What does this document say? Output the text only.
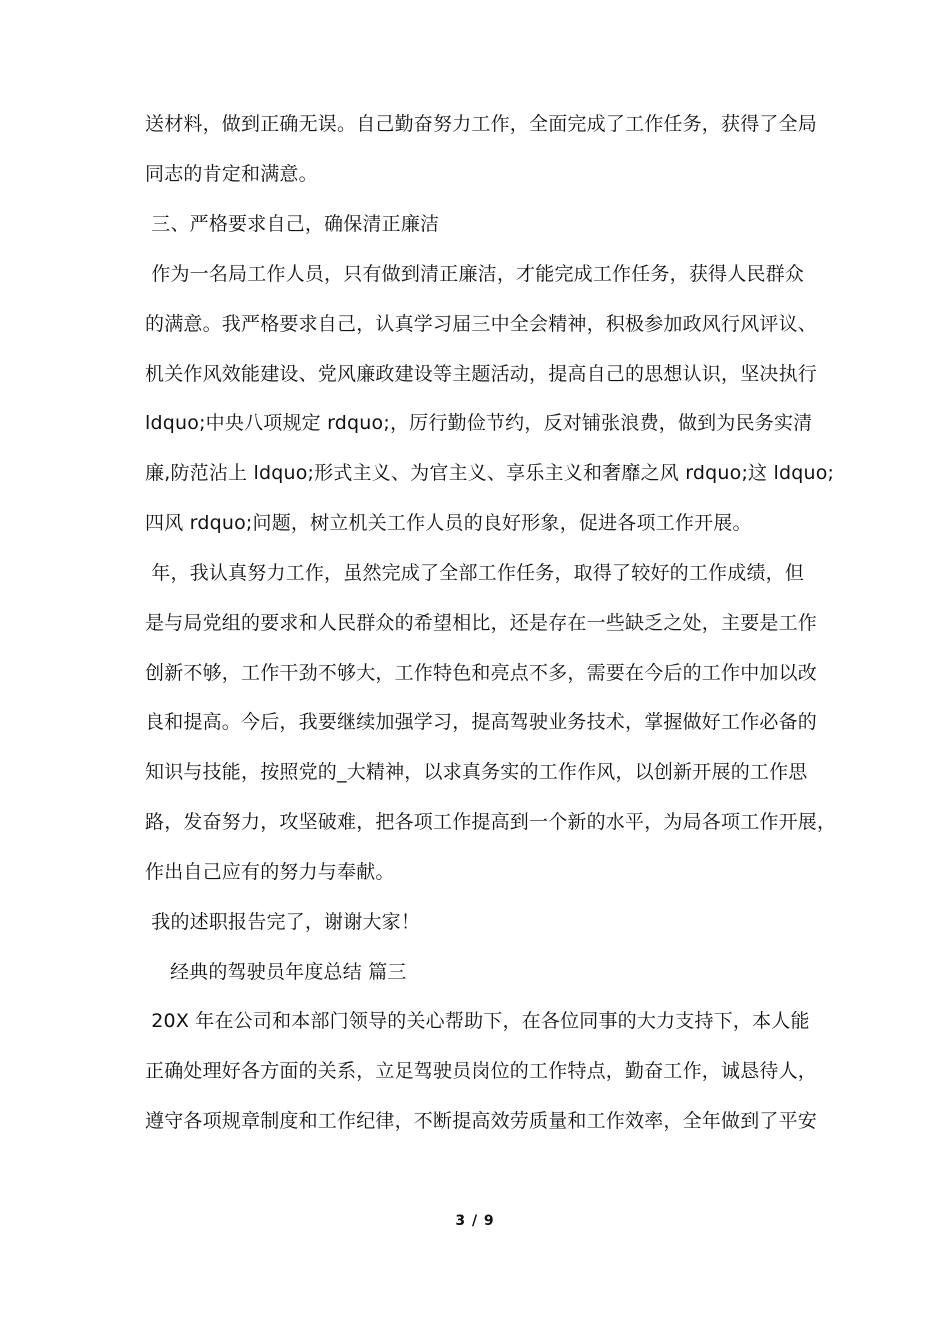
送材料，做到正确无误。自己勤奋努力工作，全面完成了工作任务，获得了全局
同志的肯定和满意。
三、严格要求自己，确保清正廉洁
作为一名局工作人员，只有做到清正廉洁，才能完成工作任务，获得人民群众
的满意。我严格要求自己，认真学习届三中全会精神，积极参加政风行风评议、
机关作风效能建设、党风廉政建设等主题活动，提高自己的思想认识，坚决执行
ldquo;中央八项规定 rdquo;，厉行勤俭节约，反对铺张浪费，做到为民务实清
廉,防范沾上 ldquo;形式主义、为官主义、享乐主义和奢靡之风 rdquo;这 ldquo;
四风 rdquo;问题，树立机关工作人员的良好形象，促进各项工作开展。
年，我认真努力工作，虽然完成了全部工作任务，取得了较好的工作成绩，但
是与局党组的要求和人民群众的希望相比，还是存在一些缺乏之处，主要是工作
创新不够，工作干劲不够大，工作特色和亮点不多，需要在今后的工作中加以改
良和提高。今后，我要继续加强学习，提高驾驶业务技术，掌握做好工作必备的
知识与技能，按照党的_大精神，以求真务实的工作作风，以创新开展的工作思
路，发奋努力，攻坚破难，把各项工作提高到一个新的水平，为局各项工作开展，
作出自己应有的努力与奉献。
我的述职报告完了，谢谢大家！
经典的驾驶员年度总结 篇三
20X 年在公司和本部门领导的关心帮助下，在各位同事的大力支持下，本人能
正确处理好各方面的关系，立足驾驶员岗位的工作特点，勤奋工作，诚恳待人，
遵守各项规章制度和工作纪律，不断提高效劳质量和工作效率，全年做到了平安
3 / 9
